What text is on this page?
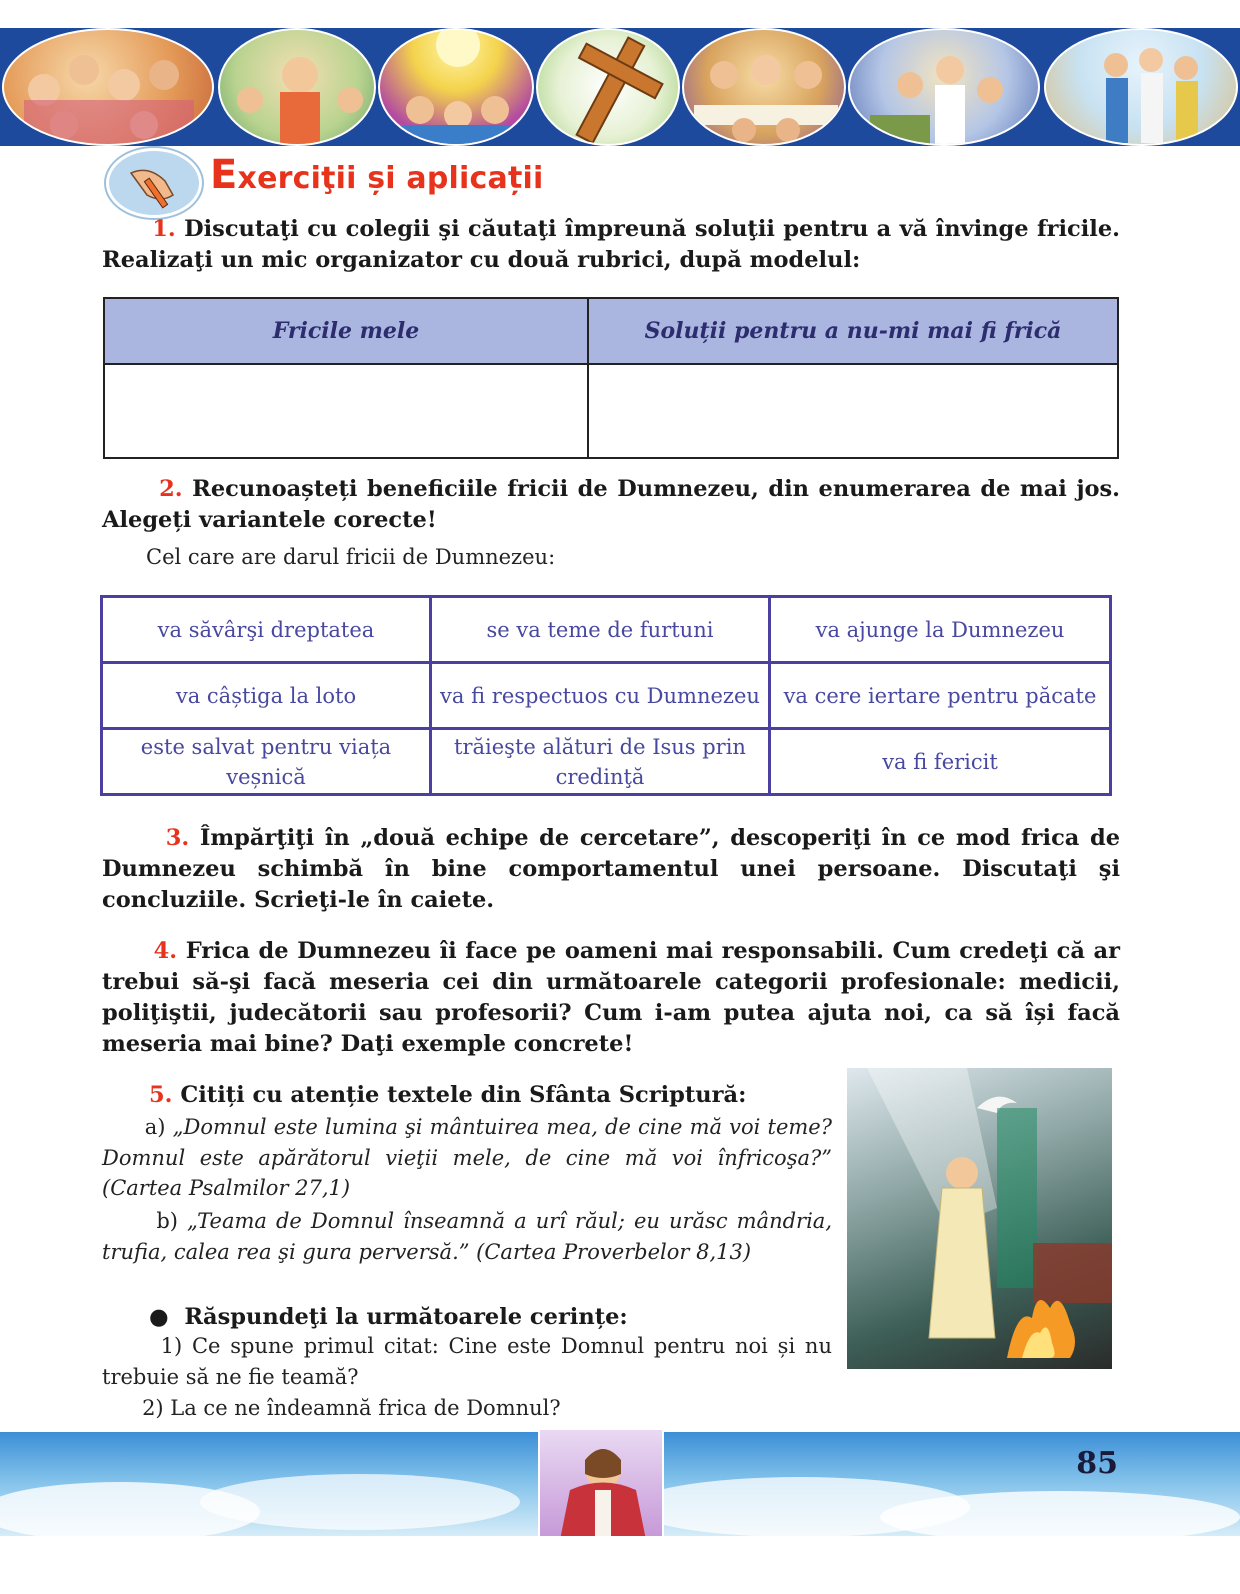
Exerciţii și aplicații
1. Discutaţi cu colegii şi căutaţi împreună soluţii pentru a vă învinge fricile. Realizaţi un mic organizator cu două rubrici, după modelul:
Fricile mele	Soluții pentru a nu-mi mai fi frică

2. Recunoașteți beneficiile fricii de Dumnezeu, din enumerarea de mai jos. Alegeți variantele corecte!
Cel care are darul fricii de Dumnezeu:
va săvârşi dreptatea	se va teme de furtuni	va ajunge la Dumnezeu
va câștiga la loto	va fi respectuos cu Dumnezeu	va cere iertare pentru păcate
este salvat pentru viața veșnică	trăieşte alături de Isus prin credinţă	va fi fericit
3. Împărţiţi în „două echipe de cercetare”, descoperiţi în ce mod frica de Dumnezeu schimbă în bine comportamentul unei persoane. Discutaţi şi concluziile. Scrieţi-le în caiete.
4. Frica de Dumnezeu îi face pe oameni mai responsabili. Cum credeţi că ar trebui să-şi facă meseria cei din următoarele categorii profesionale: medicii, poliţiştii, judecătorii sau profesorii? Cum i-am putea ajuta noi, ca să își facă meseria mai bine? Daţi exemple concrete!
5. Citiți cu atenție textele din Sfânta Scriptură:
a) „Domnul este lumina şi mântuirea mea, de cine mă voi teme? Domnul este apărătorul vieţii mele, de cine mă voi înfricoşa?” (Cartea Psalmilor 27,1)
b) „Teama de Domnul înseamnă a urî răul; eu urăsc mândria, trufia, calea rea şi gura perversă.” (Cartea Proverbelor 8,13)
● Răspundeţi la următoarele cerințe:
1) Ce spune primul citat: Cine este Domnul pentru noi și nu trebuie să ne fie teamă?
2) La ce ne îndeamnă frica de Domnul?
85
